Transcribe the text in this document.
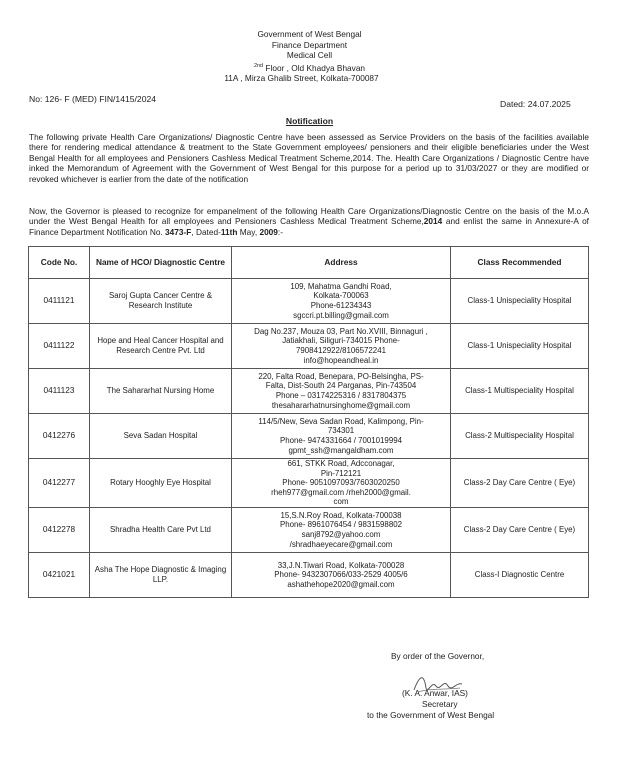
Government of West Bengal
Finance Department
Medical Cell
$^{2nd}$ Floor , Old Khadya Bhavan
11A , Mirza Ghalib Street, Kolkata-700087
No: 126- F (MED) FIN/1415/2024	Dated: 24.07.2025
Notification

The following private Health Care Organizations/ Diagnostic Centre have been assessed as Service Providers on the basis of the facilities available there for rendering medical attendance & treatment to the State Government employees/ pensioners and their eligible beneficiaries under the West Bengal Health for all employees and Pensioners Cashless Medical Treatment Scheme,2014. The. Health Care Organizations / Diagnostic Centre have inked the Memorandum of Agreement with the Government of West Bengal for this purpose for a period up to 31/03/2027 or they are modified or revoked whichever is earlier from the date of the notification

Now, the Governor is pleased to recognize for empanelment of the following Health Care Organizations/Diagnostic Centre on the basis of the M.o.A under the West Bengal Health for all employees and Pensioners Cashless Medical Treatment Scheme,2014 and enlist the same in Annexure-A of Finance Department Notification No. 3473-F, Dated-11th May, 2009:-

Code No.	Name of HCO/ Diagnostic Centre	Address	Class Recommended
0411121	Saroj Gupta Cancer Centre & Research Institute	109, Mahatma Gandhi Road,
Kolkata-700063
Phone-61234343
sgccri.pt.billing@gmail.com	Class-1 Unispeciality Hospital
0411122	Hope and Heal Cancer Hospital and Research Centre Pvt. Ltd	Dag No.237, Mouza 03, Part No.XVIII, Binnaguri ,
Jatiakhali, Siliguri-734015 Phone-
7908412922/8106572241
info@hopeandheal.in	Class-1 Unispeciality Hospital
0411123	The Sahararhat Nursing Home	220, Falta Road, Benepara, PO-Belsingha, PS-
Falta, Dist-South 24 Parganas, Pin-743504
Phone – 03174225316 / 8317804375
thesahararhatnursinghome@gmail.com	Class-1 Multispeciality Hospital
0412276	Seva Sadan Hospital	114/5/New, Seva Sadan Road, Kalimpong, Pin-
734301
Phone- 9474331664 / 7001019994
gpmt_ssh@mangaldham.com	Class-2 Multispeciality Hospital
0412277	Rotary Hooghly Eye Hospital	661, STKK Road, Adcconagar,
Pin-712121
Phone- 9051097093/7603020250
rheh977@gmail.com /rheh2000@gmail.
com	Class-2 Day Care Centre ( Eye)
0412278	Shradha Health Care Pvt Ltd	15,S.N.Roy Road, Kolkata-700038
Phone- 8961076454 / 9831598802
sanj8792@yahoo.com
/shradhaeyecare@gmail.com	Class-2 Day Care Centre ( Eye)
0421021	Asha The Hope Diagnostic & Imaging LLP.	33,J.N.Tiwari Road, Kolkata-700028
Phone- 9432307066/033-2529 4005/6
ashathehope2020@gmail.com	Class-I Diagnostic Centre
By order of the Governor,
(K. A. Anwar, IAS)
Secretary
to the Government of West Bengal
